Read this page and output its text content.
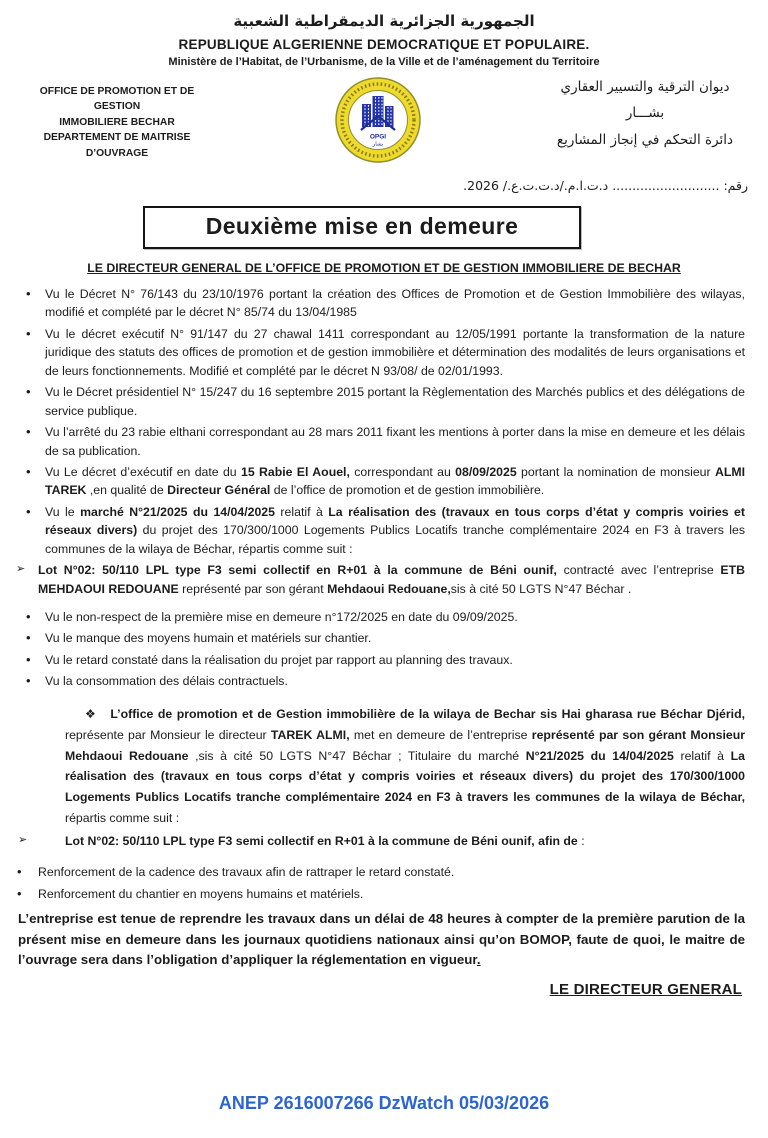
الجمهورية الجزائرية الديمقراطية الشعبية
REPUBLIQUE ALGERIENNE DEMOCRATIQUE ET POPULAIRE.
Ministère de l’Habitat, de l’Urbanisme, de la Ville et de l’aménagement du Territoire
OFFICE DE PROMOTION ET DE GESTION
IMMOBILIERE BECHAR
DEPARTEMENT DE MAITRISE
D’OUVRAGE
OPGI
بشار
ديوان الترقية والتسيير العقاري
بشـــار
دائرة التحكم في إنجاز المشاريع
رقم: ........................... د.ت.ا.م./د.ت.ت.ع./ 2026.
Deuxième mise en demeure
LE DIRECTEUR GENERAL DE L’OFFICE DE PROMOTION ET DE GESTION IMMOBILIERE DE BECHAR
• Vu le Décret N° 76/143 du 23/10/1976 portant la création des Offices de Promotion et de Gestion Immobilière des wilayas, modifié et complété par le décret N° 85/74 du 13/04/1985
• Vu le décret exécutif N° 91/147 du 27 chawal 1411 correspondant au 12/05/1991 portante la transformation de la nature juridique des statuts des offices de promotion et de gestion immobilière et détermination des modalités de leurs organisations et de leurs fonctionnements. Modifié et complété par le décret N 93/08/ de 02/01/1993.
• Vu le Décret présidentiel N° 15/247 du 16 septembre 2015 portant la Règlementation des Marchés publics et des délégations de service publique.
• Vu l’arrêté du 23 rabie elthani correspondant au 28 mars 2011 fixant les mentions à porter dans la mise en demeure et les délais de sa publication.
• Vu Le décret d’exécutif en date du 15 Rabie El Aouel, correspondant au 08/09/2025 portant la nomination de monsieur ALMI TAREK ,en qualité de Directeur Général de l’office de promotion et de gestion immobilière.
• Vu le marché N°21/2025 du 14/04/2025 relatif à La réalisation des (travaux en tous corps d’état y compris voiries et réseaux divers) du projet des 170/300/1000 Logements Publics Locatifs tranche complémentaire 2024 en F3 à travers les communes de la wilaya de Béchar, répartis comme suit :
➢ Lot N°02: 50/110 LPL type F3 semi collectif en R+01 à la commune de Béni ounif, contracté avec l’entreprise ETB MEHDAOUI REDOUANE représenté par son gérant Mehdaoui Redouane,sis à cité 50 LGTS N°47 Béchar .
• Vu le non-respect de la première mise en demeure n°172/2025 en date du 09/09/2025.
• Vu le manque des moyens humain et matériels sur chantier.
• Vu le retard constaté dans la réalisation du projet par rapport au planning des travaux.
• Vu la consommation des délais contractuels.
❖ L’office de promotion et de Gestion immobilière de la wilaya de Bechar sis Hai gharasa rue Béchar Djérid, représente par Monsieur le directeur TAREK ALMI, met en demeure de l’entreprise représenté par son gérant Monsieur Mehdaoui Redouane ,sis à cité 50 LGTS N°47 Béchar ; Titulaire du marché N°21/2025 du 14/04/2025 relatif à La réalisation des (travaux en tous corps d’état y compris voiries et réseaux divers) du projet des 170/300/1000 Logements Publics Locatifs tranche complémentaire 2024 en F3 à travers les communes de la wilaya de Béchar, répartis comme suit :
➢	Lot N°02: 50/110 LPL type F3 semi collectif en R+01 à la commune de Béni ounif, afin de :
• Renforcement de la cadence des travaux afin de rattraper le retard constaté.
• Renforcement du chantier en moyens humains et matériels.
L’entreprise est tenue de reprendre les travaux dans un délai de 48 heures à compter de la première parution de la présent mise en demeure dans les journaux quotidiens nationaux ainsi qu’on BOMOP, faute de quoi, le maitre de l’ouvrage sera dans l’obligation d’appliquer la réglementation en vigueur.
LE DIRECTEUR GENERAL
ANEP 2616007266 DzWatch 05/03/2026
